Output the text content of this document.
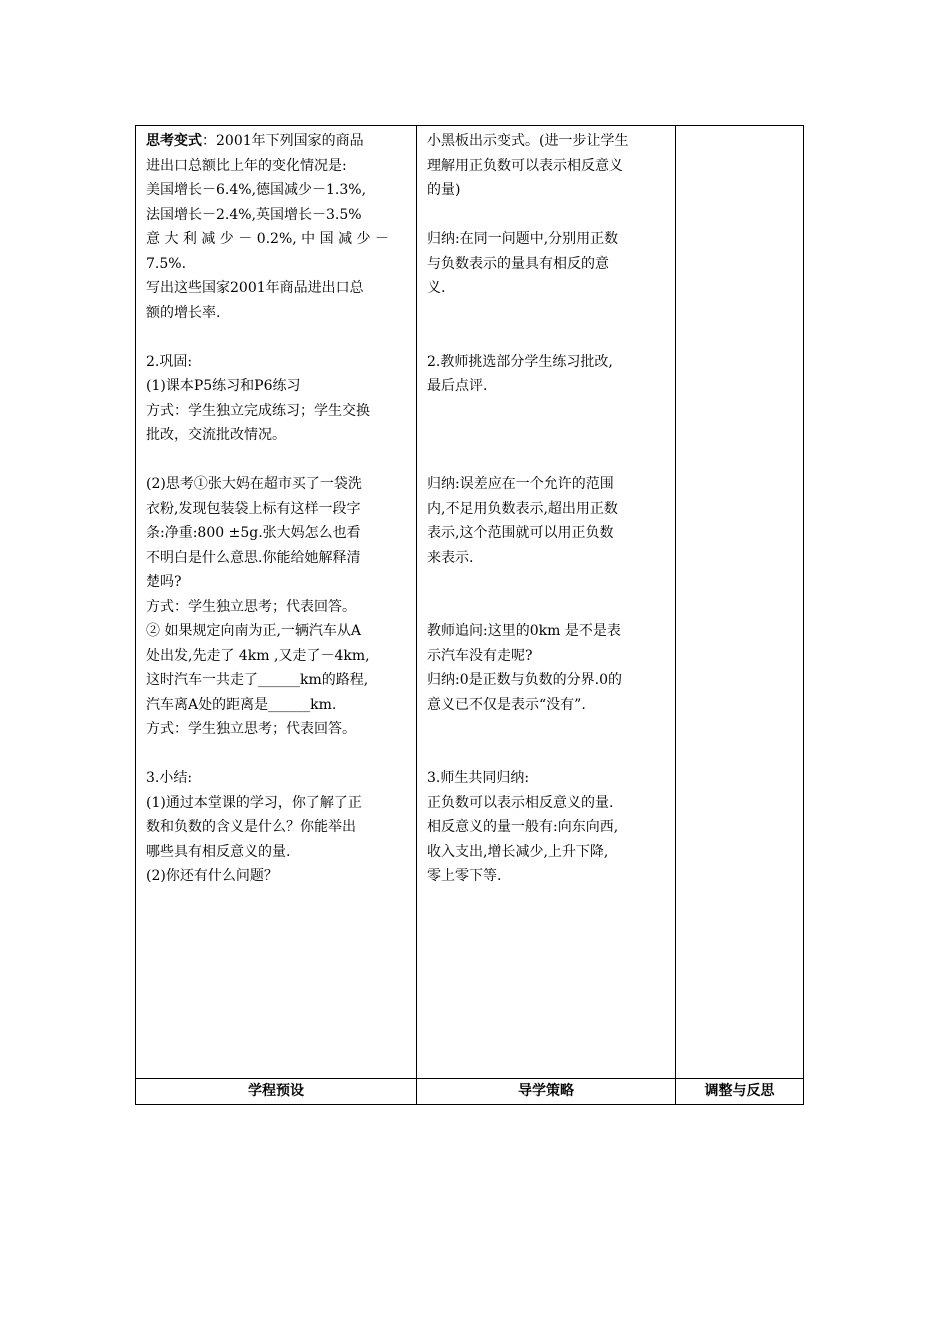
思考变式：2001年下列国家的商品
进出口总额比上年的变化情况是:
美国增长－6.4%,德国减少－1.3%,
法国增长－2.4%,英国增长－3.5%
意 大 利 减 少 － 0.2%, 中 国 减 少 －
7.5%.
写出这些国家2001年商品进出口总
额的增长率.
2.巩固:
(1)课本P5练习和P6练习
方式：学生独立完成练习；学生交换
批改，交流批改情况。
(2)思考①张大妈在超市买了一袋洗
衣粉,发现包装袋上标有这样一段字
条:净重:800 ±5g.张大妈怎么也看
不明白是什么意思.你能给她解释清
楚吗?
方式：学生独立思考；代表回答。
② 如果规定向南为正,一辆汽车从A
处出发,先走了 4km ,又走了－4km,
这时汽车一共走了______km的路程,
汽车离A处的距离是______km.
方式：学生独立思考；代表回答。
3.小结:
(1)通过本堂课的学习，你了解了正
数和负数的含义是什么？你能举出
哪些具有相反意义的量.
(2)你还有什么问题？
小黑板出示变式。(进一步让学生
理解用正负数可以表示相反意义
的量)
归纳:在同一问题中,分别用正数
与负数表示的量具有相反的意
义.
2.教师挑选部分学生练习批改,
最后点评.
归纳:误差应在一个允许的范围
内,不足用负数表示,超出用正数
表示,这个范围就可以用正负数
来表示.
教师追问:这里的0km 是不是表
示汽车没有走呢?
归纳:0是正数与负数的分界.0的
意义已不仅是表示“没有”.
3.师生共同归纳:
正负数可以表示相反意义的量.
相反意义的量一般有:向东向西,
收入支出,增长减少,上升下降,
零上零下等.
学程预设	导学策略	调整与反思
